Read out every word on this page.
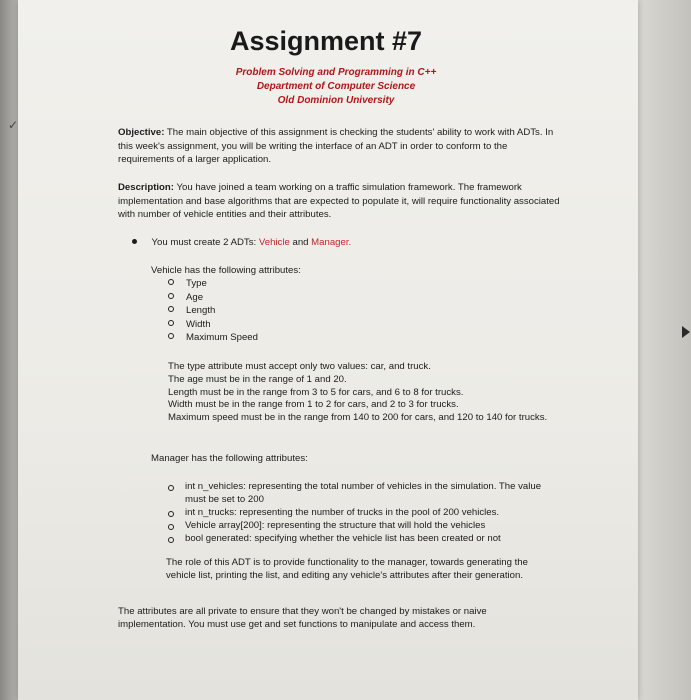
✓
Assignment #7
Problem Solving and Programming in C++
Department of Computer Science
Old Dominion University
Objective: The main objective of this assignment is checking the students' ability to work with ADTs. In this week's assignment, you will be writing the interface of an ADT in order to conform to the requirements of a larger application.
Description: You have joined a team working on a traffic simulation framework. The framework implementation and base algorithms that are expected to populate it, will require functionality associated with number of vehicle entities and their attributes.
You must create 2 ADTs: Vehicle and Manager.
Vehicle has the following attributes:
Type
Age
Length
Width
Maximum Speed
The type attribute must accept only two values: car, and truck.
The age must be in the range of 1 and 20.
Length must be in the range from 3 to 5 for cars, and 6 to 8 for trucks.
Width must be in the range from 1 to 2 for cars, and 2 to 3 for trucks.
Maximum speed must be in the range from 140 to 200 for cars, and 120 to 140 for trucks.
Manager has the following attributes:
int n_vehicles: representing the total number of vehicles in the simulation. The value must be set to 200
int n_trucks: representing the number of trucks in the pool of 200 vehicles.
Vehicle array[200]: representing the structure that will hold the vehicles
bool generated: specifying whether the vehicle list has been created or not
The role of this ADT is to provide functionality to the manager, towards generating the vehicle list, printing the list, and editing any vehicle's attributes after their generation.
The attributes are all private to ensure that they won't be changed by mistakes or naive implementation. You must use get and set functions to manipulate and access them.
